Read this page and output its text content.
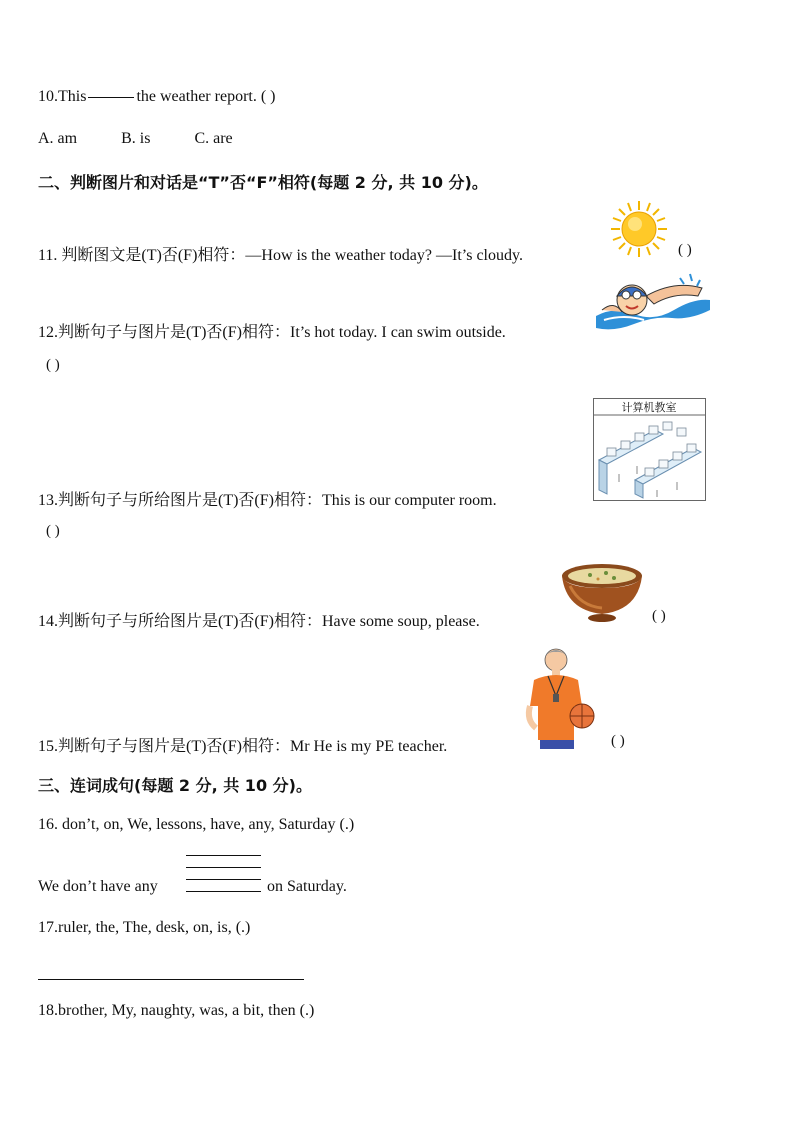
10.This	the weather report. ( )
A. am	B. is	C. are
二、判断图片和对话是“T”否“F”相符(每题 2 分, 共 10 分)。
11. 判断图文是(T)否(F)相符：—How is the weather today? —It’s cloudy.	( )
12.判断句子与图片是(T)否(F)相符：It’s hot today. I can swim outside.
( )
计算机教室
13.判断句子与所给图片是(T)否(F)相符：This is our computer room.
( )
14.判断句子与所给图片是(T)否(F)相符：Have some soup, please.	( )
15.判断句子与图片是(T)否(F)相符：Mr He is my PE teacher.	( )
三、连词成句(每题 2 分, 共 10 分)。
16. don’t, on, We, lessons, have, any, Saturday (.)
We don’t have any	on Saturday.
17.ruler, the, The, desk, on, is, (.)
18.brother, My, naughty, was, a bit, then (.)
